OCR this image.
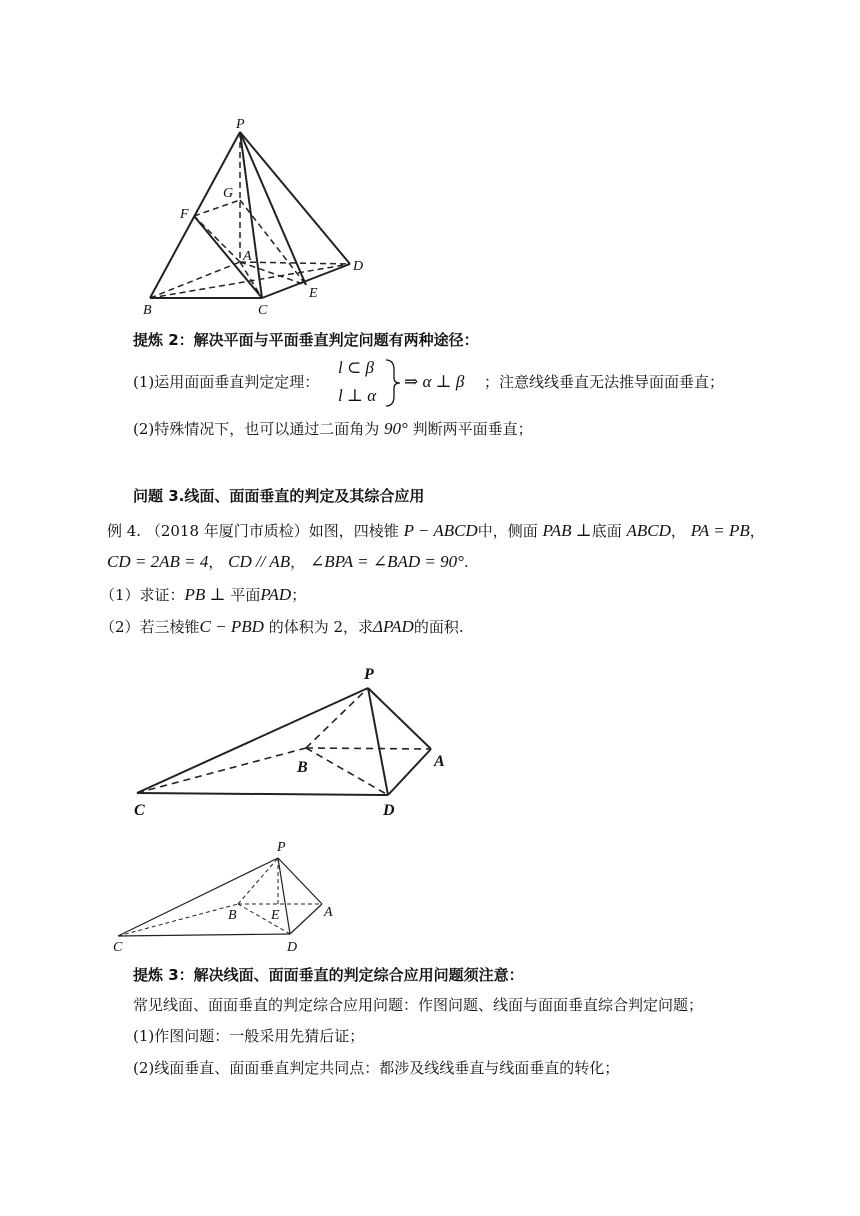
P
G
F
A
D
E
B	C
提炼 2：解决平面与平面垂直判定问题有两种途径：
(1)运用面面垂直判定定理：
l ⊂ β
l ⊥ α
⇒ α ⊥ β ；注意线线垂直无法推导面面垂直；
(2)特殊情况下，也可以通过二面角为 90° 判断两平面垂直；
问题 3.线面、面面垂直的判定及其综合应用
例 4. （2018 年厦门市质检）如图，四棱锥 P − ABCD中，侧面 PAB ⊥底面 ABCD， PA = PB，
CD = 2AB = 4， CD // AB， ∠BPA = ∠BAD = 90°.
（1）求证：PB ⊥ 平面PAD；
（2）若三棱锥C − PBD 的体积为 2，求ΔPAD的面积.
P
B	A
C	D
P
B E	A
C	D
提炼 3：解决线面、面面垂直的判定综合应用问题须注意：
常见线面、面面垂直的判定综合应用问题：作图问题、线面与面面垂直综合判定问题；
(1)作图问题：一般采用先猜后证；
(2)线面垂直、面面垂直判定共同点：都涉及线线垂直与线面垂直的转化；
